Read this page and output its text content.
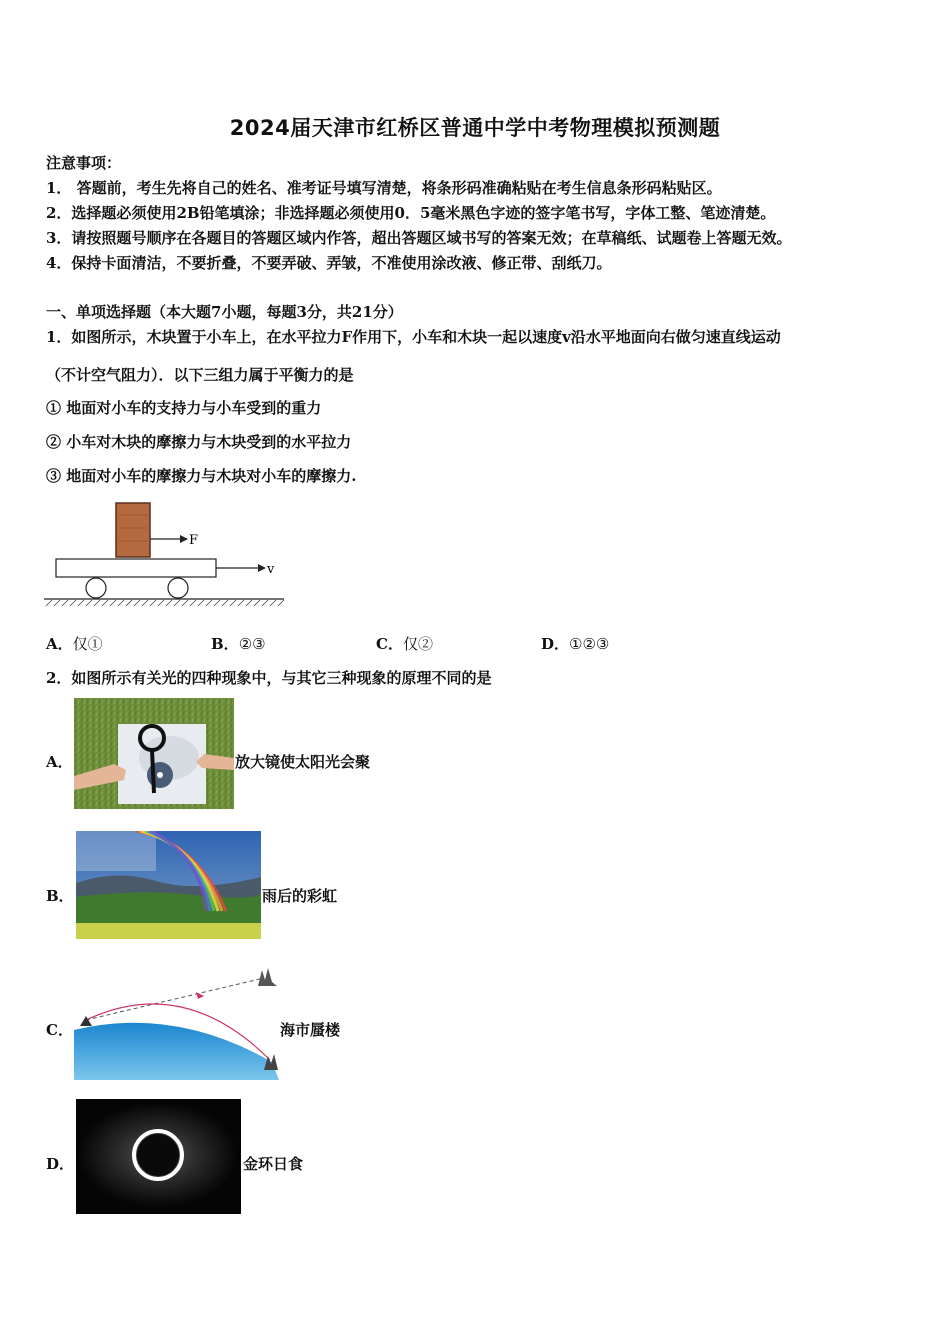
2024届天津市红桥区普通中学中考物理模拟预测题
注意事项：
1． 答题前，考生先将自己的姓名、准考证号填写清楚，将条形码准确粘贴在考生信息条形码粘贴区。
2．选择题必须使用2B铅笔填涂；非选择题必须使用0．5毫米黑色字迹的签字笔书写，字体工整、笔迹清楚。
3．请按照题号顺序在各题目的答题区域内作答，超出答题区域书写的答案无效；在草稿纸、试题卷上答题无效。
4．保持卡面清洁，不要折叠，不要弄破、弄皱，不准使用涂改液、修正带、刮纸刀。
一、单项选择题（本大题7小题，每题3分，共21分）
1．如图所示，木块置于小车上，在水平拉力F作用下，小车和木块一起以速度v沿水平地面向右做匀速直线运动
（不计空气阻力）．以下三组力属于平衡力的是
① 地面对小车的支持力与小车受到的重力
② 小车对木块的摩擦力与木块受到的水平拉力
③ 地面对小车的摩擦力与木块对小车的摩擦力.
F
v
A．仅①	B．②③	C．仅②	D．①②③
2．如图所示有关光的四种现象中，与其它三种现象的原理不同的是
A．	放大镜使太阳光会聚
B．	雨后的彩虹
C．	海市蜃楼
D．	金环日食
